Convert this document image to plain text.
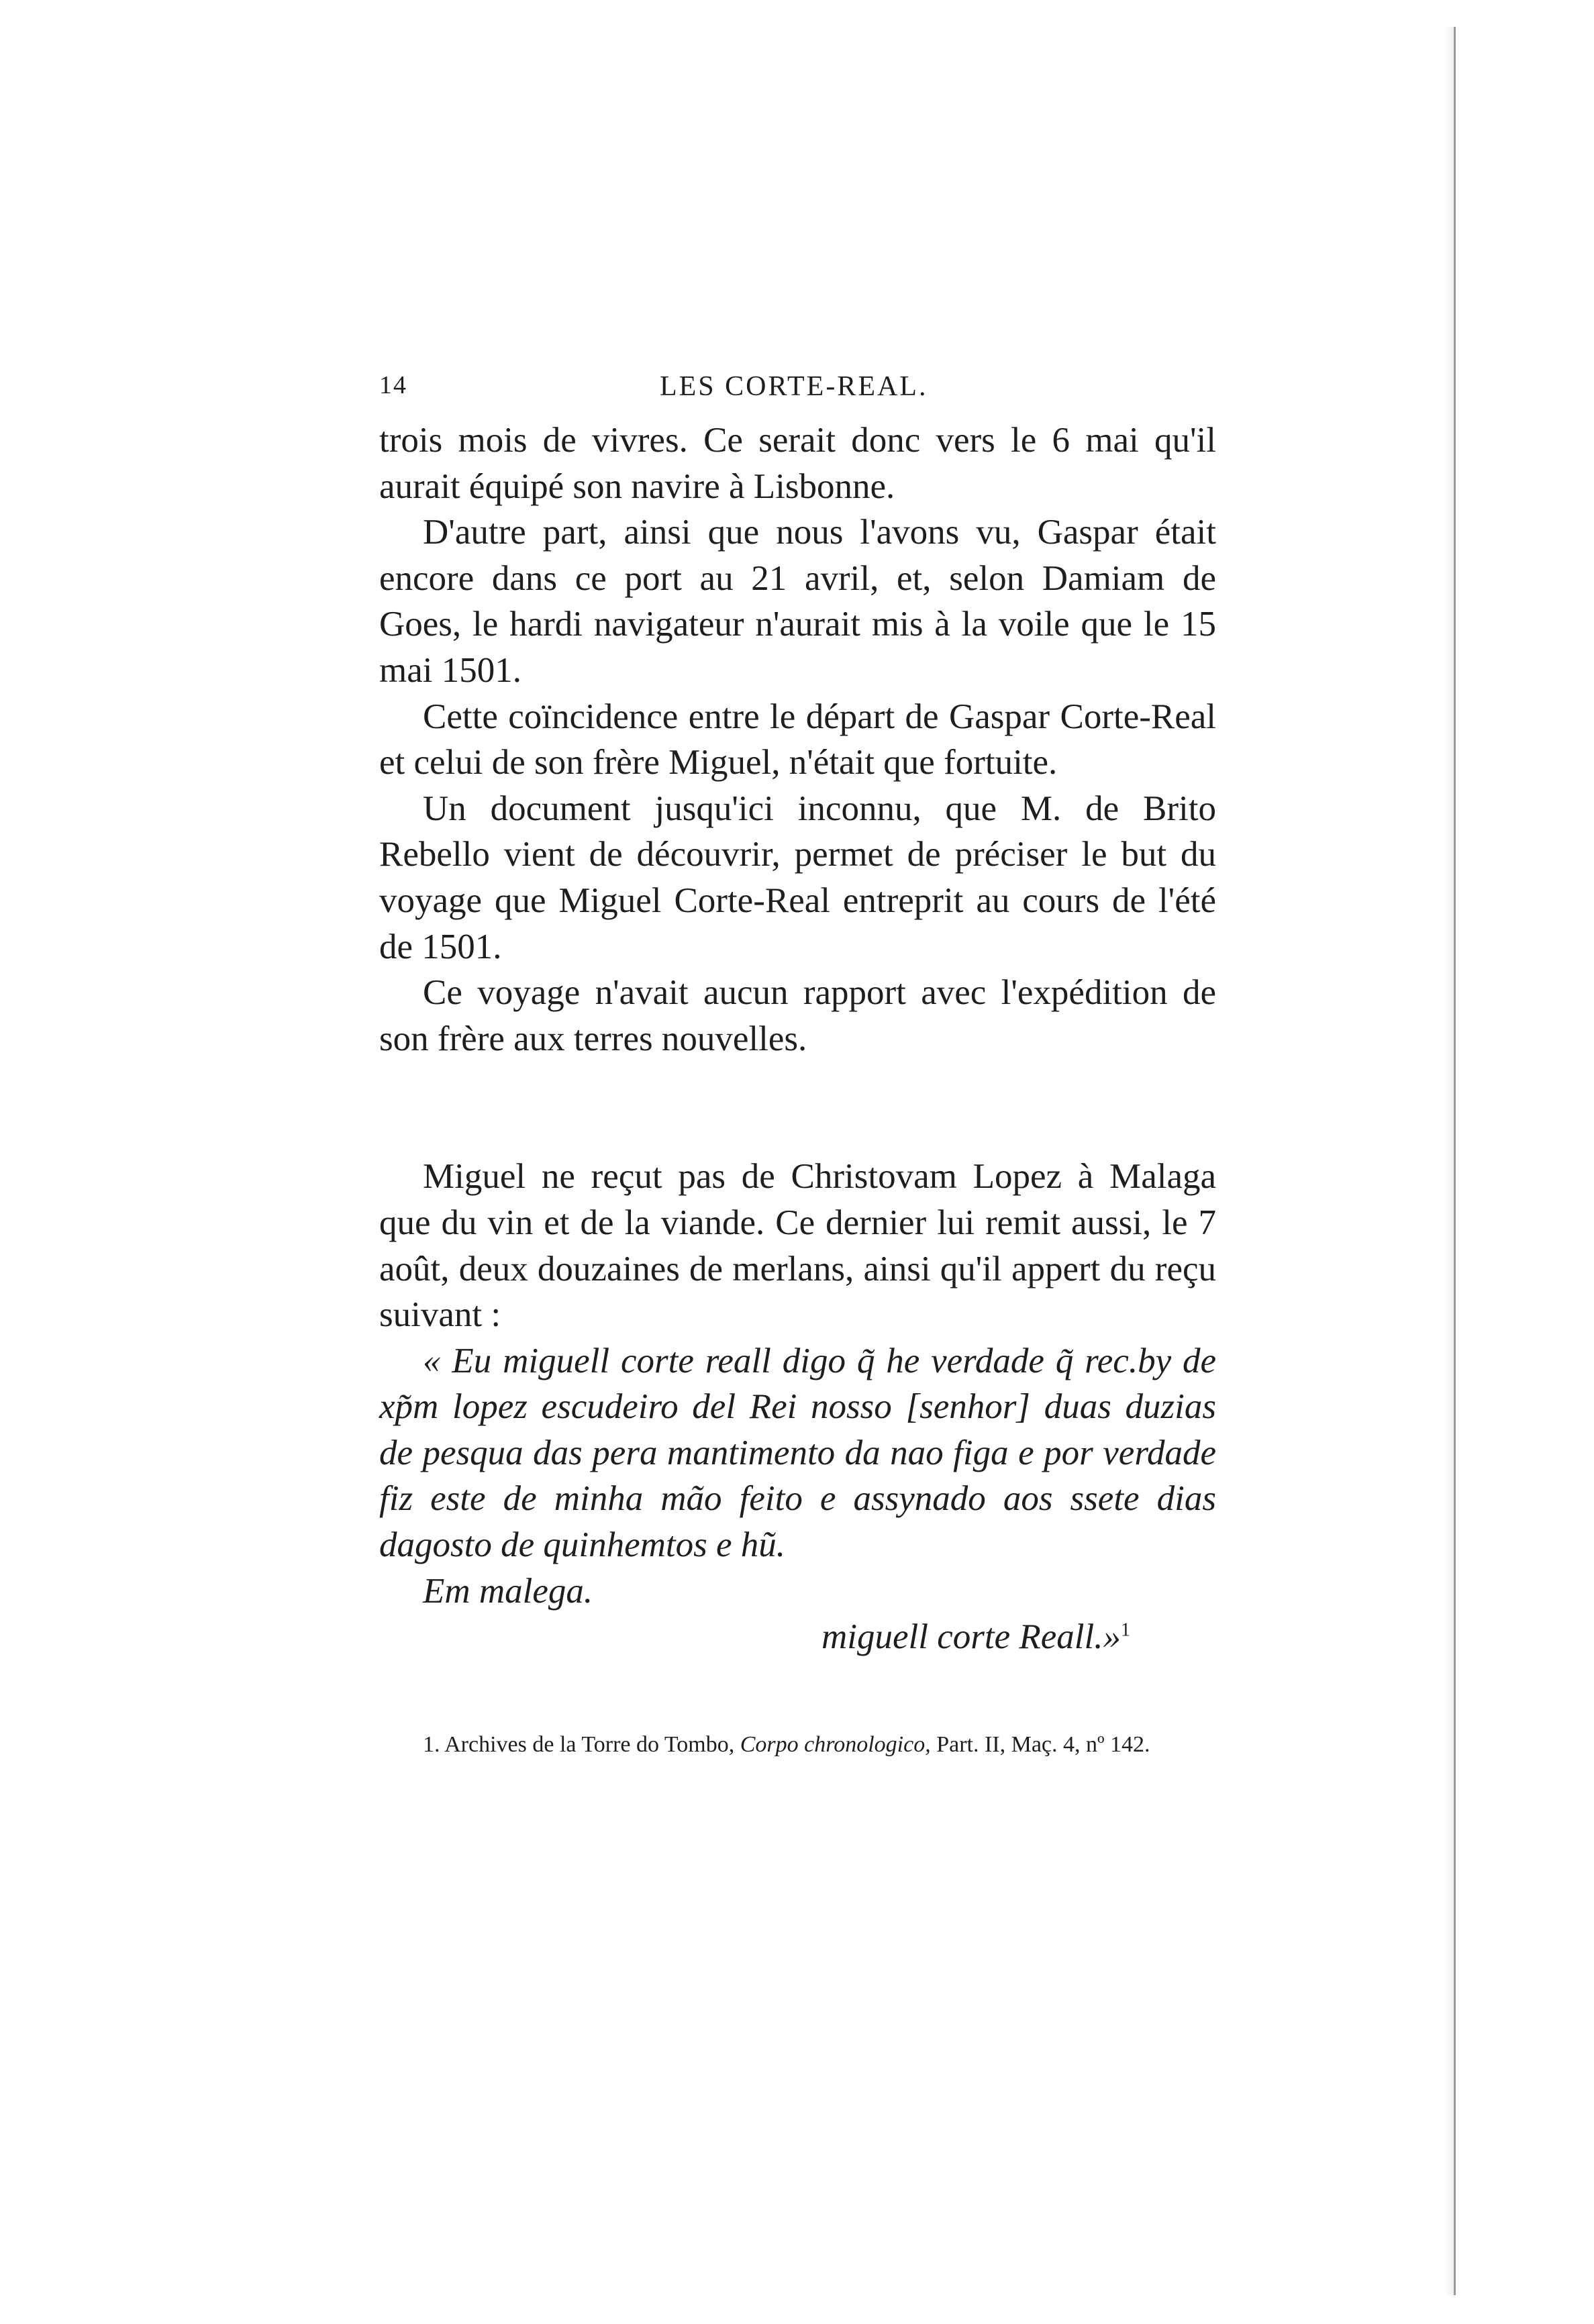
14	LES CORTE-REAL.

trois mois de vivres. Ce serait donc vers le 6 mai qu'il aurait équipé son navire à Lisbonne.

D'autre part, ainsi que nous l'avons vu, Gaspar était encore dans ce port au 21 avril, et, selon Damiam de Goes, le hardi navigateur n'aurait mis à la voile que le 15 mai 1501.

Cette coïncidence entre le départ de Gaspar Corte-Real et celui de son frère Miguel, n'était que fortuite.

Un document jusqu'ici inconnu, que M. de Brito Rebello vient de découvrir, permet de préciser le but du voyage que Miguel Corte-Real entreprit au cours de l'été de 1501.

Ce voyage n'avait aucun rapport avec l'expédition de son frère aux terres nouvelles.

Miguel ne reçut pas de Christovam Lopez à Malaga que du vin et de la viande. Ce dernier lui remit aussi, le 7 août, deux douzaines de merlans, ainsi qu'il appert du reçu suivant :

« Eu miguell corte reall digo q̃ he verdade q̃ rec.by de xp̃m lopez escudeiro del Rei nosso [senhor] duas duzias de pesqua das pera mantimento da nao figa e por verdade fiz este de minha mão feito e assynado aos ssete dias dagosto de quinhemtos e hũ.

Em malega.

miguell corte Reall.»$^1$

1. Archives de la Torre do Tombo, Corpo chronologico, Part. II, Maç. 4, nº 142.
